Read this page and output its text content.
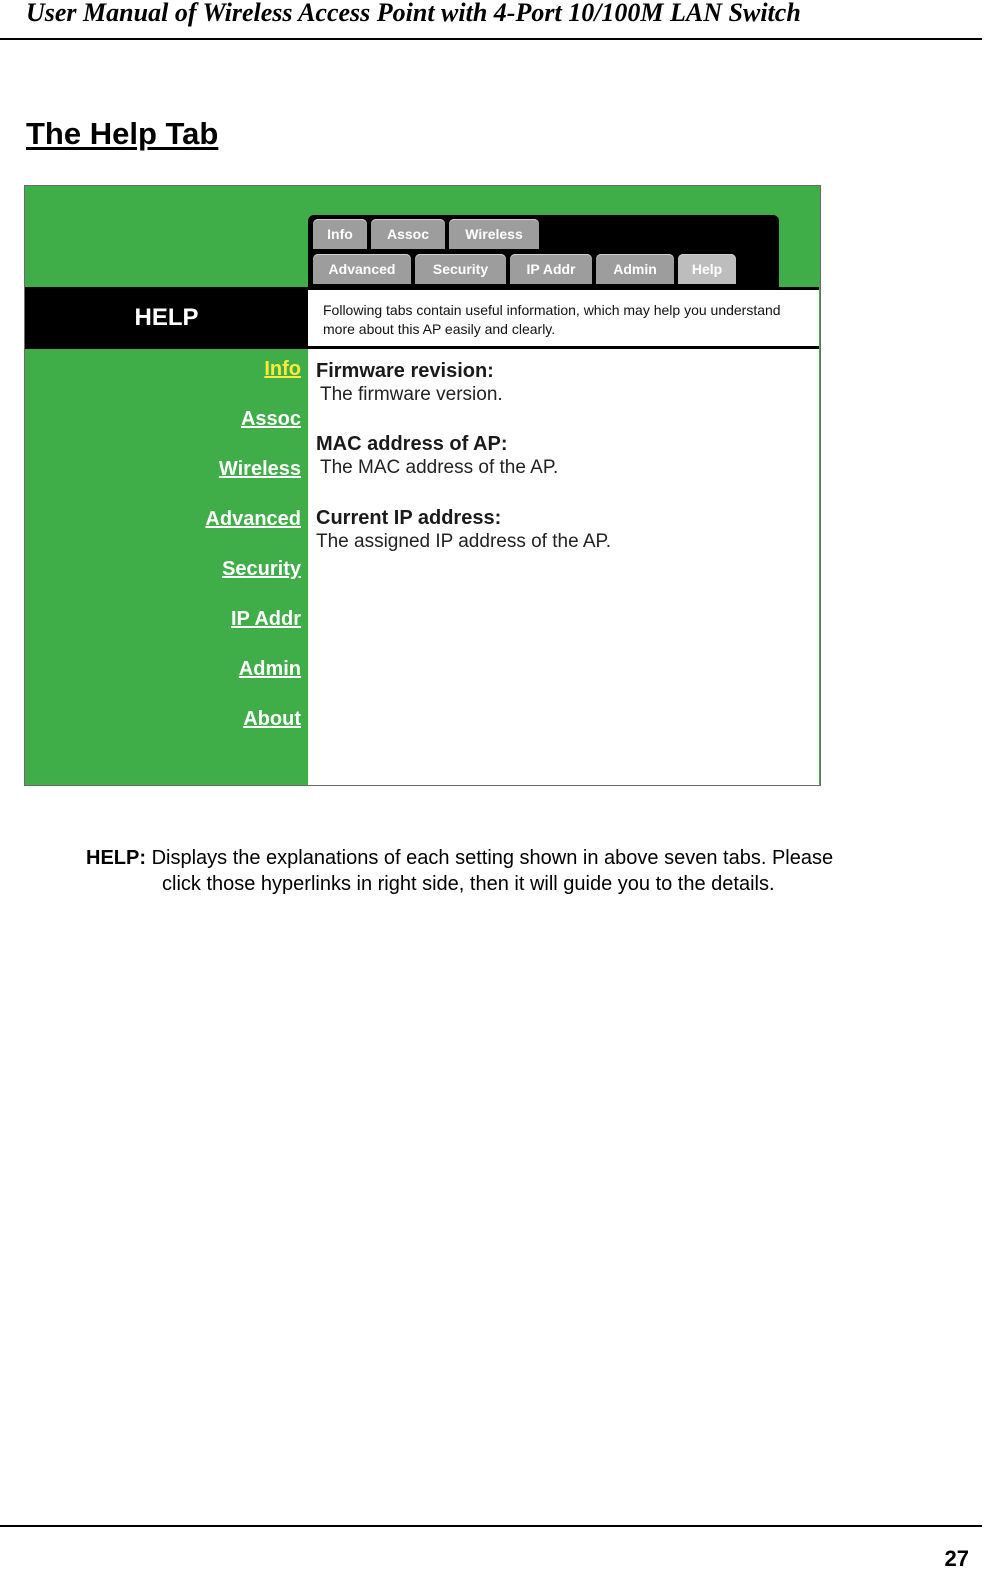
User Manual of Wireless Access Point with 4-Port 10/100M LAN Switch
The Help Tab
Info	Assoc	Wireless
Advanced	Security	IP Addr	Admin	Help
HELP	Following tabs contain useful information, which may help you understand more about this AP easily and clearly.
Info
Assoc
Wireless
Advanced
Security
IP Addr
Admin
About
Firmware revision:
The firmware version.
MAC address of AP:
The MAC address of the AP.
Current IP address:
The assigned IP address of the AP.
HELP: Displays the explanations of each setting shown in above seven tabs. Please
click those hyperlinks in right side, then it will guide you to the details.
27
